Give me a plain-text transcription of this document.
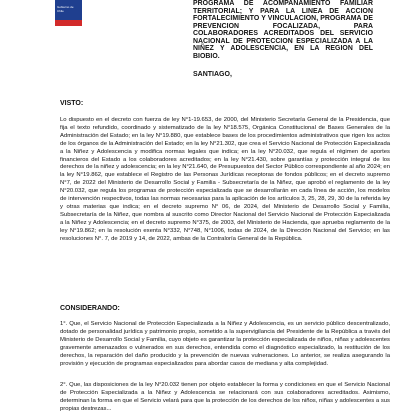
Gobierno de Chile
PROGRAMA DE ACOMPAÑAMIENTO FAMILIAR TERRITORIAL; Y PARA LA LINEA DE ACCION FORTALECIMIENTO Y VINCULACION, PROGRAMA DE PREVENCION FOCALIZADA, PARA COLABORADORES ACREDITADOS DEL SERVICIO NACIONAL DE PROTECCION ESPECIALIZADA A LA NIÑEZ Y ADOLESCENCIA, EN LA REGION DEL BIOBIO.
SANTIAGO,
VISTO:
Lo dispuesto en el decreto con fuerza de ley N°1-19.653, de 2000, del Ministerio Secretaría General de la Presidencia, que fija el texto refundido, coordinado y sistematizado de la ley N°18.575, Orgánica Constitucional de Bases Generales de la Administración del Estado; en la ley N°19.880, que establece bases de los procedimientos administrativos que rigen los actos de los órganos de la Administración del Estado; en la ley N°21.302, que crea el Servicio Nacional de Protección Especializada a la Niñez y Adolescencia y modifica normas legales que indica; en la ley N°20.032, que regula el régimen de aportes financieros del Estado a los colaboradores acreditados; en la ley N°21.430, sobre garantías y protección integral de los derechos de la niñez y adolescencia; en la ley N°21.640, de Presupuestos del Sector Público correspondiente al año 2024; en la ley N°19.862, que establece el Registro de las Personas Jurídicas receptoras de fondos públicos; en el decreto supremo N°7, de 2022 del Ministerio de Desarrollo Social y Familia - Subsecretaría de la Niñez, que aprobó el reglamento de la ley N°20.032, que regula los programas de protección especializada que se desarrollarán en cada línea de acción, los modelos de intervención respectivos, todas las normas necesarias para la aplicación de los artículos 3, 25, 28, 29, 30 de la referida ley y otras materias que indica; en el decreto supremo N° 06, de 2024, del Ministerio de Desarrollo Social y Familia, Subsecretaría de la Niñez, que nombra al suscrito como Director Nacional del Servicio Nacional de Protección Especializada a la Niñez y Adolescencia; en el decreto supremo N°375, de 2003, del Ministerio de Hacienda, que aprueba reglamento de la ley N°19.862; en la resolución exenta N°332, N°748, N°1006, todas de 2024, de la Dirección Nacional del Servicio; en las resoluciones N°. 7, de 2019 y 14, de 2022, ambas de la Contraloría General de la República.
CONSIDERANDO:
1°. Que, el Servicio Nacional de Protección Especializada a la Niñez y Adolescencia, es un servicio público descentralizado, dotado de personalidad jurídica y patrimonio propio, sometido a la supervigilancia del Presidente de la República a través del Ministerio de Desarrollo Social y Familia, cuyo objeto es garantizar la protección especializada de niños, niñas y adolescentes gravemente amenazados o vulnerados en sus derechos, entendida como el diagnóstico especializado, la restitución de los derechos, la reparación del daño producido y la prevención de nuevas vulneraciones. Lo anterior, se realiza asegurando la provisión y ejecución de programas especializados para abordar casos de mediana y alta complejidad.
2°. Que, las disposiciones de la ley N°20.032 tienen por objeto establecer la forma y condiciones en que el Servicio Nacional de Protección Especializada a la Niñez y Adolescencia se relacionará con sus colaboradores acreditados. Asimismo, determinan la forma en que el Servicio velará para que la protección de los derechos de los niños, niñas y adolescentes a sus propias destrezas...
